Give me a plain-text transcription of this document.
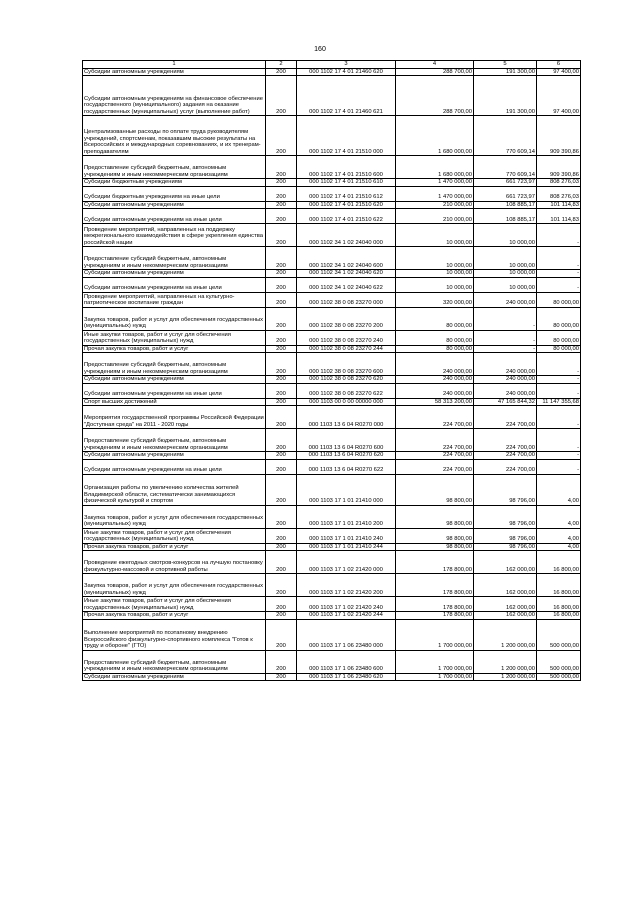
160
1	2	3	4	5	6
Субсидии автономным учреждениям	200	000 1102 17 4 01 21460 620	288 700,00	191 300,00	97 400,00
Субсидии автономным учреждениям на финансовое обеспечение государственного (муниципального) задания на оказание государственных (муниципальных) услуг (выполнение работ)	200	000 1102 17 4 01 21460 621	288 700,00	191 300,00	97 400,00
Централизованные расходы по оплате труда руководителям учреждений, спортсменам, показавшим высокие результаты на Всероссийских и международных соревнованиях, и их тренерам-преподавателям	200	000 1102 17 4 01 21510 000	1 680 000,00	770 609,14	909 390,86
Предоставление субсидий бюджетным, автономным учреждениям и иным некоммерческим организациям	200	000 1102 17 4 01 21510 600	1 680 000,00	770 609,14	909 390,86
Субсидии бюджетным учреждениям	200	000 1102 17 4 01 21510 610	1 470 000,00	661 723,97	808 276,03
Субсидии бюджетным учреждениям на иные цели	200	000 1102 17 4 01 21510 612	1 470 000,00	661 723,97	808 276,03
Субсидии автономным учреждениям	200	000 1102 17 4 01 21510 620	210 000,00	108 885,17	101 114,83
Субсидии автономным учреждениям на иные цели	200	000 1102 17 4 01 21510 622	210 000,00	108 885,17	101 114,83
Проведение мероприятий, направленных на поддержку межрегионального взаимодействия в сфере укрепления единства российской нации	200	000 1102 34 1 02 24040 000	10 000,00	10 000,00	-
Предоставление субсидий бюджетным, автономным учреждениям и иным некоммерческим организациям	200	000 1102 34 1 02 24040 600	10 000,00	10 000,00	-
Субсидии автономным учреждениям	200	000 1102 34 1 02 24040 620	10 000,00	10 000,00	-
Субсидии автономным учреждениям на иные цели	200	000 1102 34 1 02 24040 622	10 000,00	10 000,00	-
Проведение мероприятий, направленных на культурно-патриотическое воспитание граждан	200	000 1102 38 0 08 23270 000	320 000,00	240 000,00	80 000,00

Закупка товаров, работ и услуг для обеспечения государственных (муниципальных) нужд	200	000 1102 38 0 08 23270 200	80 000,00	-	80 000,00
Иные закупки товаров, работ и услуг для обеспечения государственных (муниципальных) нужд	200	000 1102 38 0 08 23270 240	80 000,00	-	80 000,00
Прочая закупка товаров, работ и услуг	200	000 1102 38 0 08 23270 244	80 000,00	-	80 000,00
Предоставление субсидий бюджетным, автономным учреждениям и иным некоммерческим организациям	200	000 1102 38 0 08 23270 600	240 000,00	240 000,00	-
Субсидии автономным учреждениям	200	000 1102 38 0 08 23270 620	240 000,00	240 000,00	-
Субсидии автономным учреждениям на иные цели	200	000 1102 38 0 08 23270 622	240 000,00	240 000,00	-
Спорт высших достижений	200	000 1103 00 0 00 00000 000	58 313 200,00	47 165 844,32	11 147 355,68
Мероприятия государственной программы Российской Федерации "Доступная среда" на 2011 - 2020 годы	200	000 1103 13 6 04 R0270 000	224 700,00	224 700,00	-
Предоставление субсидий бюджетным, автономным учреждениям и иным некоммерческим организациям	200	000 1103 13 6 04 R0270 600	224 700,00	224 700,00	-
Субсидии автономным учреждениям	200	000 1103 13 6 04 R0270 620	224 700,00	224 700,00	-
Субсидии автономным учреждениям на иные цели	200	000 1103 13 6 04 R0270 622	224 700,00	224 700,00	-

Организация работы по увеличению количества жителей Владимирской области, систематически занимающихся физической культурой и спортом	200	000 1103 17 1 01 21410 000	98 800,00	98 796,00	4,00

Закупка товаров, работ и услуг для обеспечения государственных (муниципальных) нужд	200	000 1103 17 1 01 21410 200	98 800,00	98 796,00	4,00
Иные закупки товаров, работ и услуг для обеспечения государственных (муниципальных) нужд	200	000 1103 17 1 01 21410 240	98 800,00	98 796,00	4,00
Прочая закупка товаров, работ и услуг	200	000 1103 17 1 01 21410 244	98 800,00	98 796,00	4,00
Проведение ежегодных смотров-конкурсов на лучшую постановку физкультурно-массовой и спортивной работы	200	000 1103 17 1 02 21420 000	178 800,00	162 000,00	16 800,00

Закупка товаров, работ и услуг для обеспечения государственных (муниципальных) нужд	200	000 1103 17 1 02 21420 200	178 800,00	162 000,00	16 800,00
Иные закупки товаров, работ и услуг для обеспечения государственных (муниципальных) нужд	200	000 1103 17 1 02 21420 240	178 800,00	162 000,00	16 800,00
Прочая закупка товаров, работ и услуг	200	000 1103 17 1 02 21420 244	178 800,00	162 000,00	16 800,00
Выполнение мероприятий по поэтапному внедрению Всероссийского физкультурно-спортивного комплекса "Готов к труду и обороне" (ГТО)	200	000 1103 17 1 06 23480 000	1 700 000,00	1 200 000,00	500 000,00
Предоставление субсидий бюджетным, автономным учреждениям и иным некоммерческим организациям	200	000 1103 17 1 06 23480 600	1 700 000,00	1 200 000,00	500 000,00
Субсидии автономным учреждениям	200	000 1103 17 1 06 23480 620	1 700 000,00	1 200 000,00	500 000,00
